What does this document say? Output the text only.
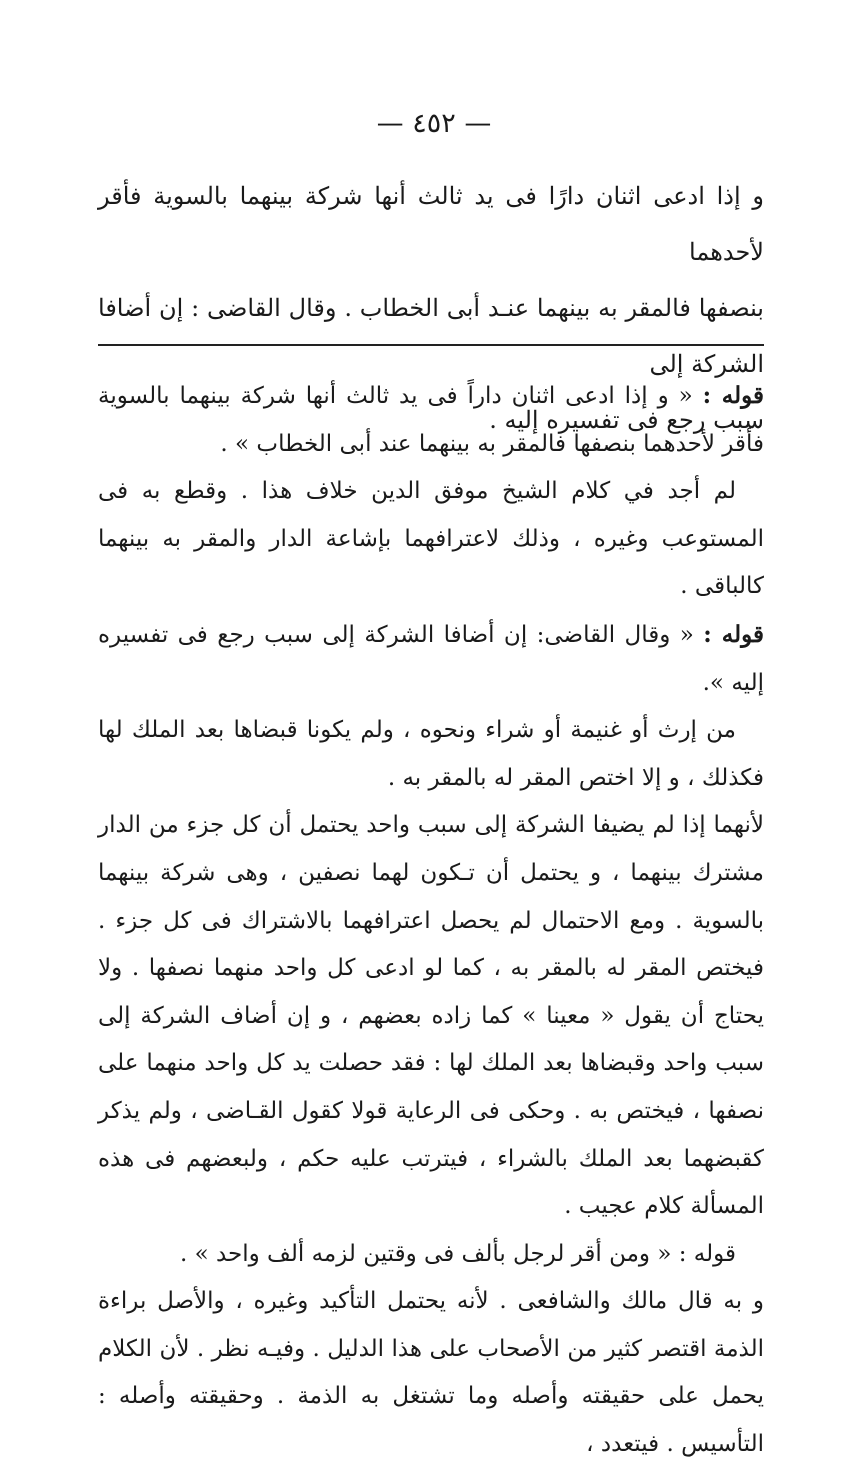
— ٤٥٢ —
و إذا ادعى اثنان دارًا فى يد ثالث أنها شركة بينهما بالسوية فأقر لأحدهما
بنصفها فالمقر به بينهما عنـد أبى الخطاب . وقال القاضى : إن أضافا الشركة إلى
سبب رجع فى تفسيره إليه .

قوله : « و إذا ادعى اثنان داراً فى يد ثالث أنها شركة بينهما بالسوية فأقر لأحدهما بنصفها فالمقر به بينهما عند أبى الخطاب » .

لم أجد في كلام الشيخ موفق الدين خلاف هذا . وقطع به فى المستوعب وغيره ، وذلك لاعترافهما بإشاعة الدار والمقر به بينهما كالباقى .

قوله : « وقال القاضى: إن أضافا الشركة إلى سبب رجع فى تفسيره إليه ».

من إرث أو غنيمة أو شراء ونحوه ، ولم يكونا قبضاها بعد الملك لها فكذلك ، و إلا اختص المقر له بالمقر به .

لأنهما إذا لم يضيفا الشركة إلى سبب واحد يحتمل أن كل جزء من الدار مشترك بينهما ، و يحتمل أن تـكون لهما نصفين ، وهى شركة بينهما بالسوية . ومع الاحتمال لم يحصل اعترافهما بالاشتراك فى كل جزء . فيختص المقر له بالمقر به ، كما لو ادعى كل واحد منهما نصفها . ولا يحتاج أن يقول « معينا » كما زاده بعضهم ، و إن أضاف الشركة إلى سبب واحد وقبضاها بعد الملك لها : فقد حصلت يد كل واحد منهما على نصفها ، فيختص به . وحكى فى الرعاية قولا كقول القـاضى ، ولم يذكر كقبضهما بعد الملك بالشراء ، فيترتب عليه حكم ، ولبعضهم فى هذه المسألة كلام عجيب .

قوله : « ومن أقر لرجل بألف فى وقتين لزمه ألف واحد » .

و به قال مالك والشافعى . لأنه يحتمل التأكيد وغيره ، والأصل براءة الذمة اقتصر كثير من الأصحاب على هذا الدليل . وفيـه نظر . لأن الكلام يحمل على حقيقته وأصله وما تشتغل به الذمة . وحقيقته وأصله : التأسيس . فيتعدد ،
